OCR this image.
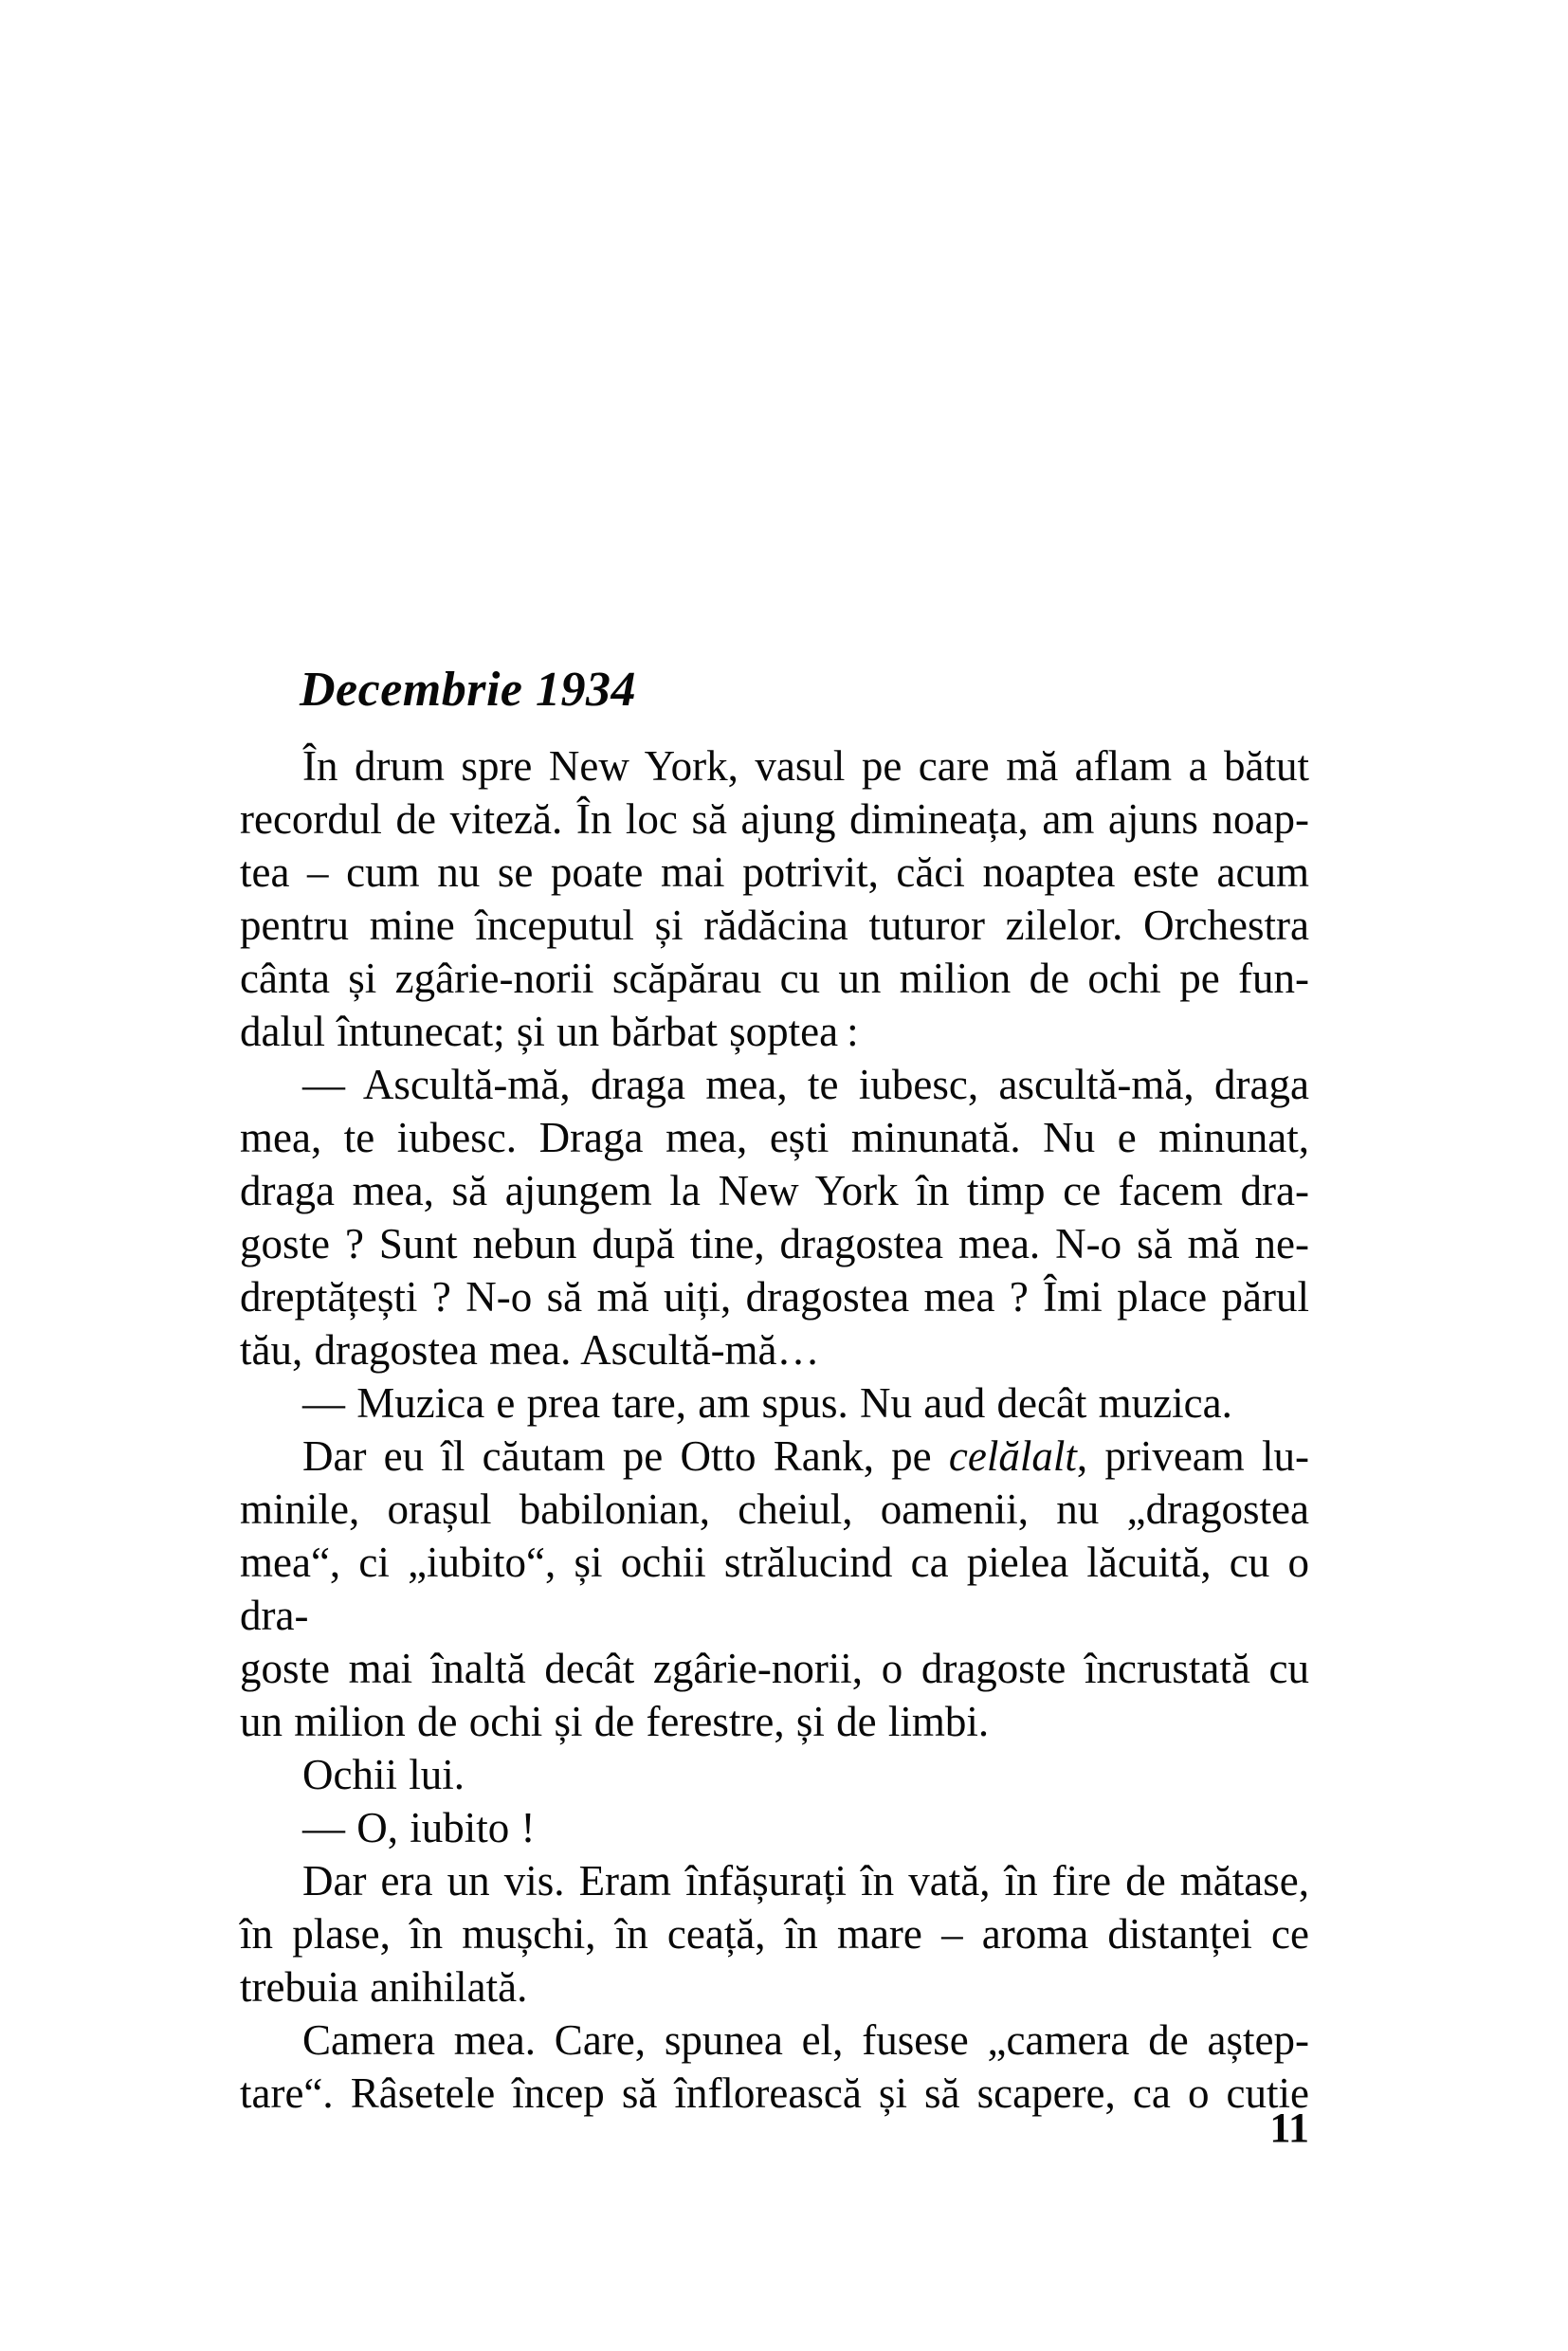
Decembrie 1934
În drum spre New York, vasul pe care mă aflam a bătut
recordul de viteză. În loc să ajung dimineața, am ajuns noap-
tea – cum nu se poate mai potrivit, căci noaptea este acum
pentru mine începutul și rădăcina tuturor zilelor. Orchestra
cânta și zgârie-norii scăpărau cu un milion de ochi pe fun-
dalul întunecat; și un bărbat șoptea :
— Ascultă-mă, draga mea, te iubesc, ascultă-mă, draga
mea, te iubesc. Draga mea, ești minunată. Nu e minunat,
draga mea, să ajungem la New York în timp ce facem dra-
goste ? Sunt nebun după tine, dragostea mea. N-o să mă ne-
dreptățești ? N-o să mă uiți, dragostea mea ? Îmi place părul
tău, dragostea mea. Ascultă-mă…
— Muzica e prea tare, am spus. Nu aud decât muzica.
Dar eu îl căutam pe Otto Rank, pe celălalt, priveam lu-
minile, orașul babilonian, cheiul, oamenii, nu „dragostea
mea“, ci „iubito“, și ochii strălucind ca pielea lăcuită, cu o dra-
goste mai înaltă decât zgârie-norii, o dragoste încrustată cu
un milion de ochi și de ferestre, și de limbi.
Ochii lui.
— O, iubito !
Dar era un vis. Eram înfășurați în vată, în fire de mătase,
în plase, în mușchi, în ceață, în mare – aroma distanței ce
trebuia anihilată.
Camera mea. Care, spunea el, fusese „camera de aștep-
tare“. Râsetele încep să înflorească și să scapere, ca o cutie
11
